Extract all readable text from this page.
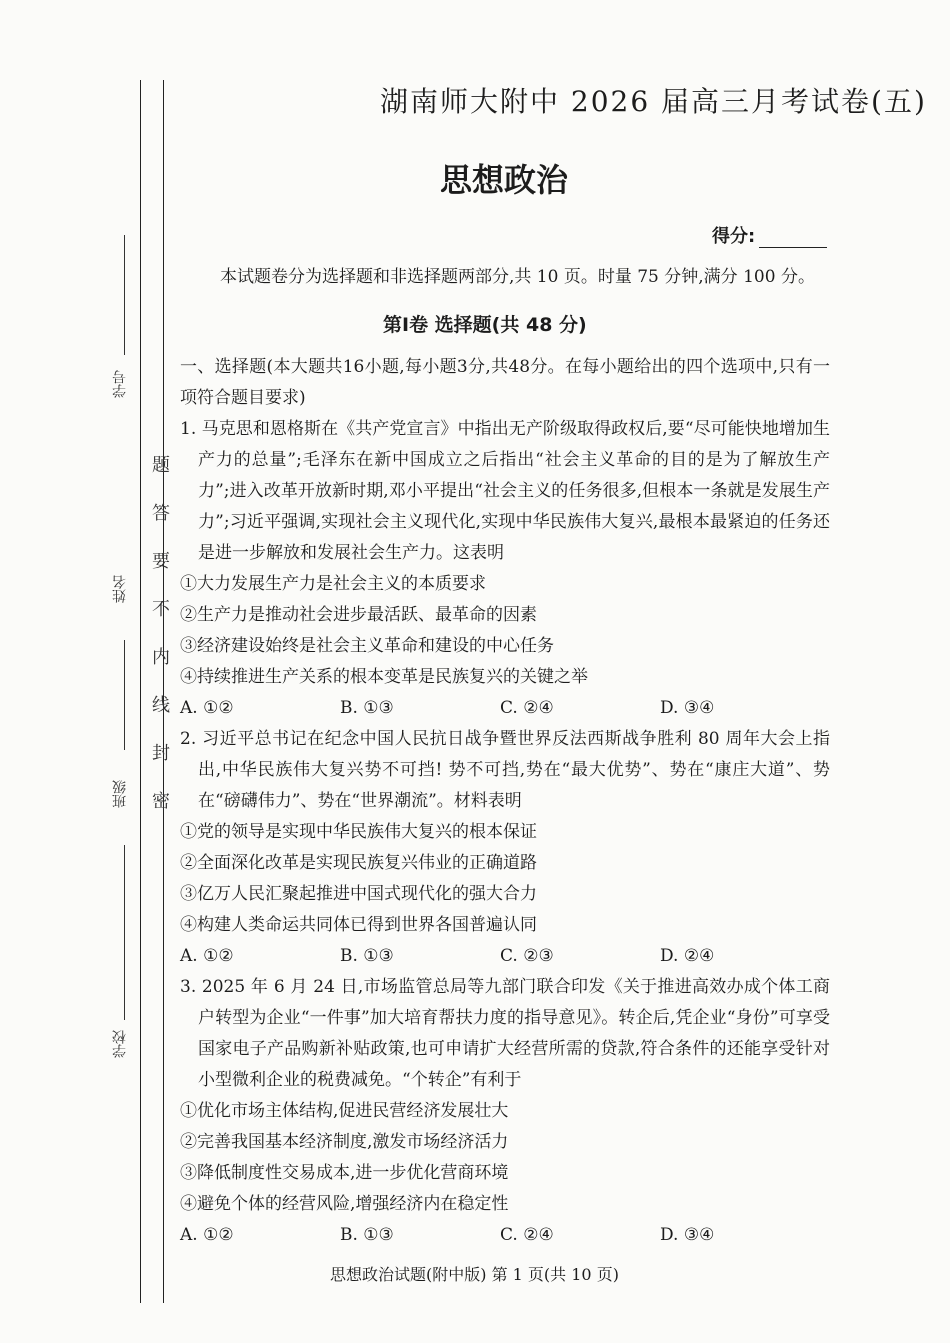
题答要不内线封密
学号
姓名
班级
学校
湖南师大附中 2026 届高三月考试卷(五)
思想政治
得分:
本试题卷分为选择题和非选择题两部分,共 10 页。时量 75 分钟,满分 100 分。
第Ⅰ卷 选择题(共 48 分)

一、选择题(本大题共16小题,每小题3分,共48分。在每小题给出的四个选项中,只有一项符合题目要求)

1. 马克思和恩格斯在《共产党宣言》中指出无产阶级取得政权后,要“尽可能快地增加生产力的总量”;毛泽东在新中国成立之后指出“社会主义革命的目的是为了解放生产力”;进入改革开放新时期,邓小平提出“社会主义的任务很多,但根本一条就是发展生产力”;习近平强调,实现社会主义现代化,实现中华民族伟大复兴,最根本最紧迫的任务还是进一步解放和发展社会生产力。这表明

①大力发展生产力是社会主义的本质要求

②生产力是推动社会进步最活跃、最革命的因素

③经济建设始终是社会主义革命和建设的中心任务

④持续推进生产关系的根本变革是民族复兴的关键之举

A. ①②	B. ①③	C. ②④	D. ③④

2. 习近平总书记在纪念中国人民抗日战争暨世界反法西斯战争胜利 80 周年大会上指出,中华民族伟大复兴势不可挡! 势不可挡,势在“最大优势”、势在“康庄大道”、势在“磅礴伟力”、势在“世界潮流”。材料表明

①党的领导是实现中华民族伟大复兴的根本保证

②全面深化改革是实现民族复兴伟业的正确道路

③亿万人民汇聚起推进中国式现代化的强大合力

④构建人类命运共同体已得到世界各国普遍认同

A. ①②	B. ①③	C. ②③	D. ②④

3. 2025 年 6 月 24 日,市场监管总局等九部门联合印发《关于推进高效办成个体工商户转型为企业“一件事”加大培育帮扶力度的指导意见》。转企后,凭企业“身份”可享受国家电子产品购新补贴政策,也可申请扩大经营所需的贷款,符合条件的还能享受针对小型微利企业的税费减免。“个转企”有利于

①优化市场主体结构,促进民营经济发展壮大

②完善我国基本经济制度,激发市场经济活力

③降低制度性交易成本,进一步优化营商环境

④避免个体的经营风险,增强经济内在稳定性

A. ①②	B. ①③	C. ②④	D. ③④
思想政治试题(附中版) 第 1 页(共 10 页)
